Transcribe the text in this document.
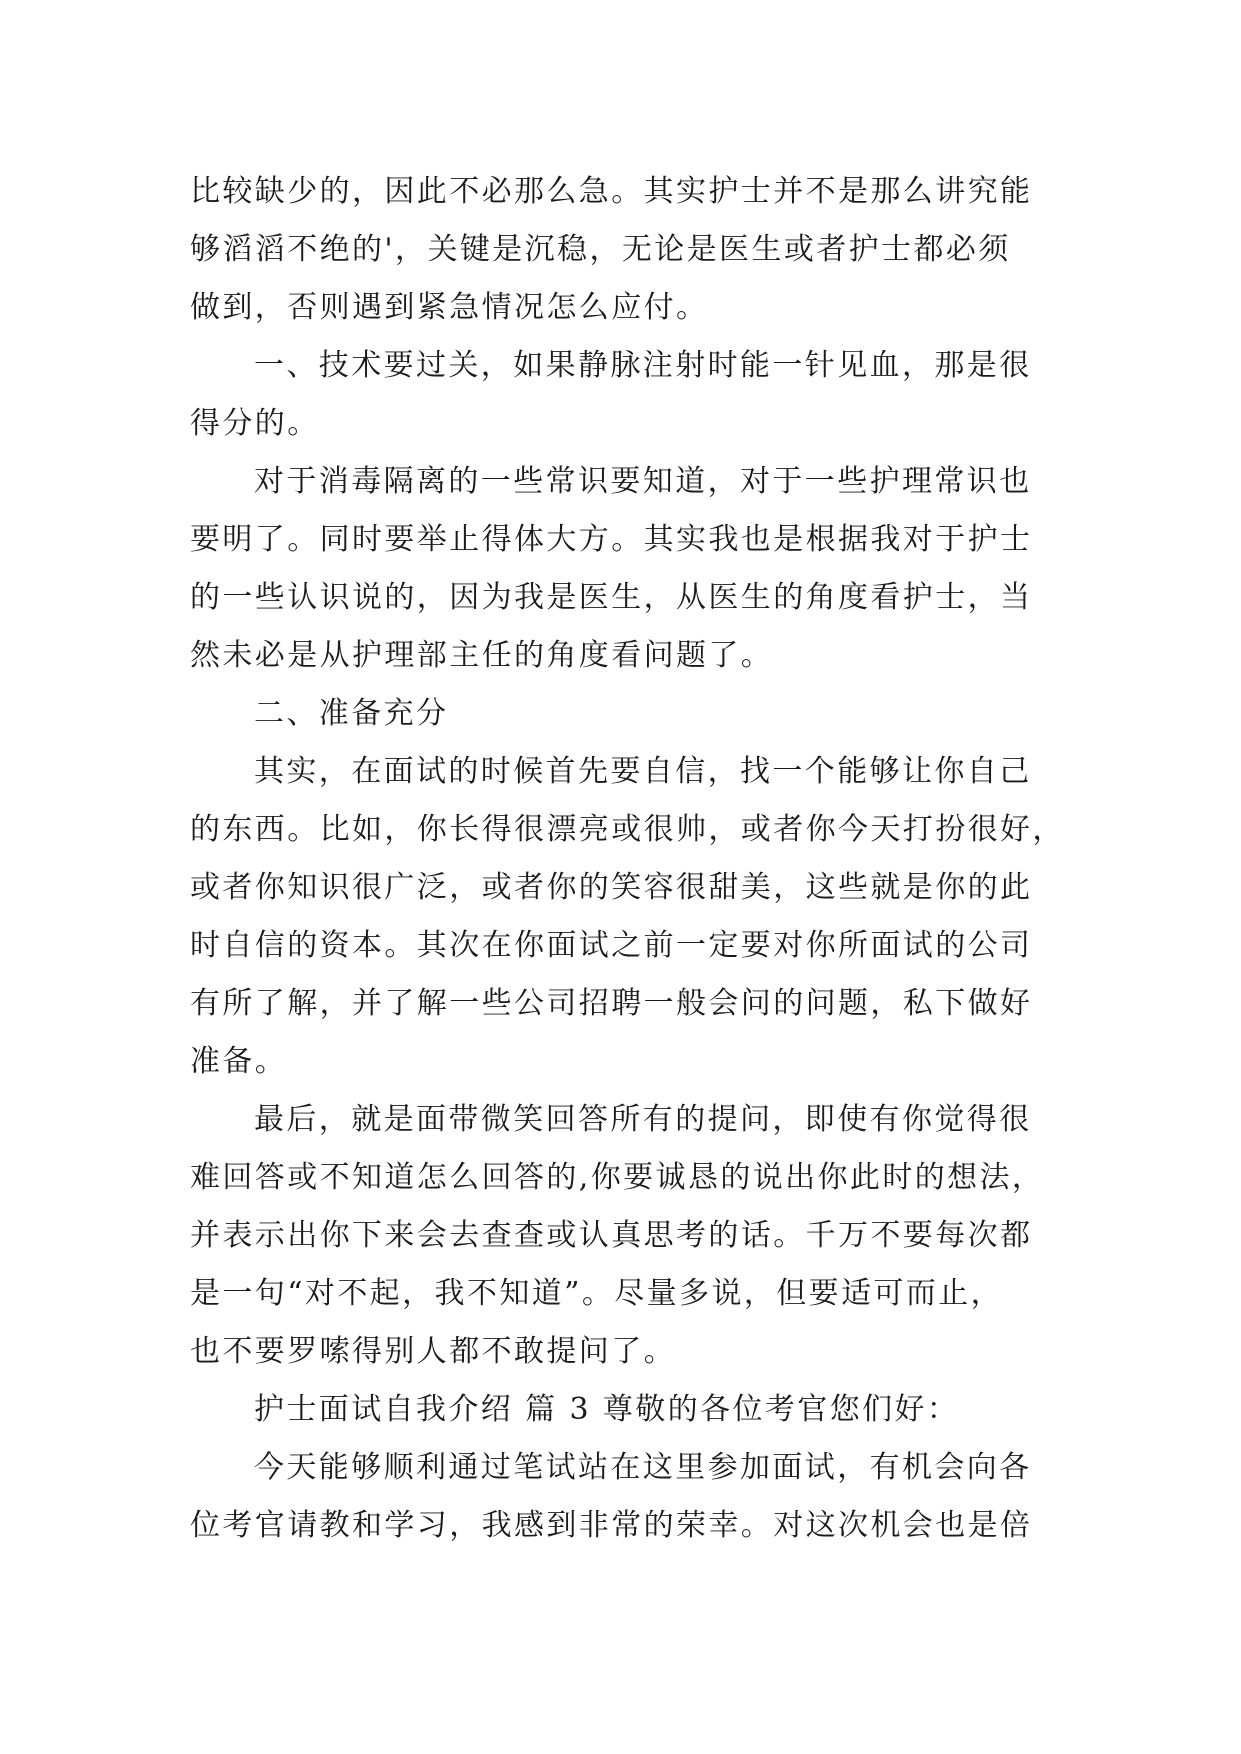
比较缺少的，因此不必那么急。其实护士并不是那么讲究能
够滔滔不绝的'，关键是沉稳，无论是医生或者护士都必须
做到，否则遇到紧急情况怎么应付。
一、技术要过关，如果静脉注射时能一针见血，那是很
得分的。
对于消毒隔离的一些常识要知道，对于一些护理常识也
要明了。同时要举止得体大方。其实我也是根据我对于护士
的一些认识说的，因为我是医生，从医生的角度看护士，当
然未必是从护理部主任的角度看问题了。
二、准备充分
其实，在面试的时候首先要自信，找一个能够让你自己
的东西。比如，你长得很漂亮或很帅，或者你今天打扮很好，
或者你知识很广泛，或者你的笑容很甜美，这些就是你的此
时自信的资本。其次在你面试之前一定要对你所面试的公司
有所了解，并了解一些公司招聘一般会问的问题，私下做好
准备。
最后，就是面带微笑回答所有的提问，即使有你觉得很
难回答或不知道怎么回答的,你要诚恳的说出你此时的想法，
并表示出你下来会去查查或认真思考的话。千万不要每次都
是一句“对不起，我不知道”。尽量多说，但要适可而止，
也不要罗嗦得别人都不敢提问了。
护士面试自我介绍 篇 3 尊敬的各位考官您们好：
今天能够顺利通过笔试站在这里参加面试，有机会向各
位考官请教和学习，我感到非常的荣幸。对这次机会也是倍
